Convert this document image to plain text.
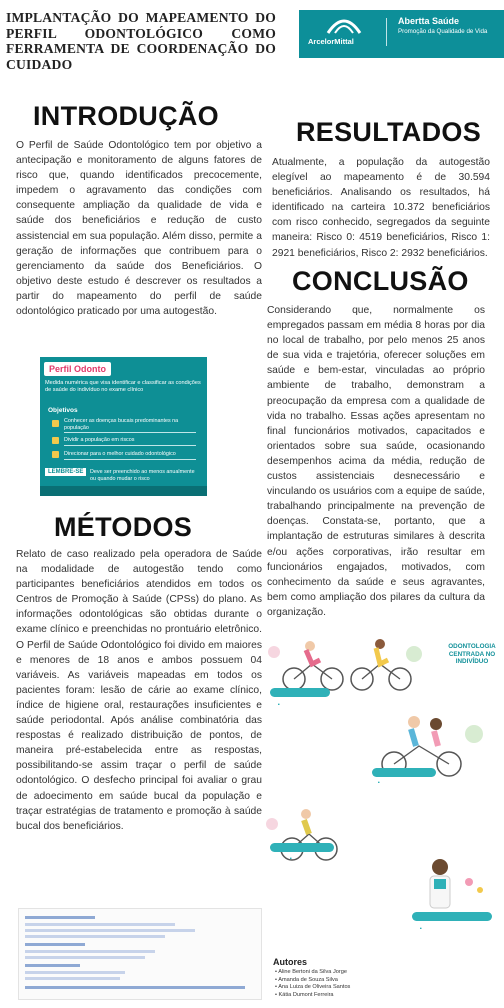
IMPLANTAÇÃO DO MAPEAMENTO DO PERFIL ODONTOLÓGICO COMO FERRAMENTA DE COORDENAÇÃO DO CUIDADO
ArcelorMittal
Abertta Saúde
Promoção da Qualidade de Vida
INTRODUÇÃO
O Perfil de Saúde Odontológico tem por objetivo a antecipação e monitoramento de alguns fatores de risco que, quando identificados precocemente, impedem o agravamento das condições com consequente ampliação da qualidade de vida e saúde dos beneficiários e redução de custo assistencial em sua população. Além disso, permite a geração de informações que contribuem para o gerenciamento da saúde dos Beneficiários. O objetivo deste estudo é descrever os resultados a partir do mapeamento do perfil de saúde odontológico praticado por uma autogestão.
Perfil Odonto
Medida numérica que visa identificar e classificar as condições de saúde do indivíduo no exame clínico
Objetivos
Conhecer as doenças bucais predominantes na população
Dividir a população em riscos
Direcionar para o melhor cuidado odontológico
LEMBRE-SE	Deve ser preenchido ao menos anualmente ou quando mudar o risco
MÉTODOS
Relato de caso realizado pela operadora de Saúde na modalidade de autogestão tendo como participantes beneficiários atendidos em todos os Centros de Promoção à Saúde (CPSs) do plano. As informações odontológicas são obtidas durante o exame clínico e preenchidas no prontuário eletrônico. O Perfil de Saúde Odontológico foi divido em maiores e menores de 18 anos e ambos possuem 04 variáveis. As variáveis mapeadas em todos os pacientes foram: lesão de cárie ao exame clínico, índice de higiene oral, restaurações insuficientes e saúde periodontal. Após análise combinatória das respostas é realizado distribuição de pontos, de maneira pré-estabelecida entre as respostas, possibilitando-se assim traçar o perfil de saúde odontológico. O desfecho principal foi avaliar o grau de adoecimento em saúde bucal da população e traçar estratégias de tratamento e promoção à saúde bucal dos beneficiários.
RESULTADOS
Atualmente, a população da autogestão elegível ao mapeamento é de 30.594 beneficiários. Analisando os resultados, há identificado na carteira 10.372 beneficiários com risco conhecido, segregados da seguinte maneira: Risco 0: 4519 beneficiários, Risco 1: 2921 beneficiários, Risco 2: 2932 beneficiários.
CONCLUSÃO
Considerando que, normalmente os empregados passam em média 8 horas por dia no local de trabalho, por pelo menos 25 anos de sua vida e trajetória, oferecer soluções em saúde e bem-estar, vinculadas ao próprio ambiente de trabalho, demonstram a preocupação da empresa com a qualidade de vida no trabalho. Essas ações apresentam no final funcionários motivados, capacitados e orientados sobre sua saúde, ocasionando desempenhos acima da média, redução de custos assistenciais desnecessário e vinculando os usuários com a equipe de saúde, trabalhando principalmente na prevenção de doenças. Constata-se, portanto, que a implantação de estruturas similares à descrita e/ou ações corporativas, irão resultar em funcionários engajados, motivados, com conhecimento da saúde e seus agravantes, bem como ampliação dos pilares da cultura da organização.
ODONTOLOGIA CENTRADA NO INDIVÍDUO
Autores
• Aline Bertoni da Silva Jorge
• Amanda de Souza Silva
• Ana Luiza de Oliveira Santos
• Kátia Dumont Ferreira
